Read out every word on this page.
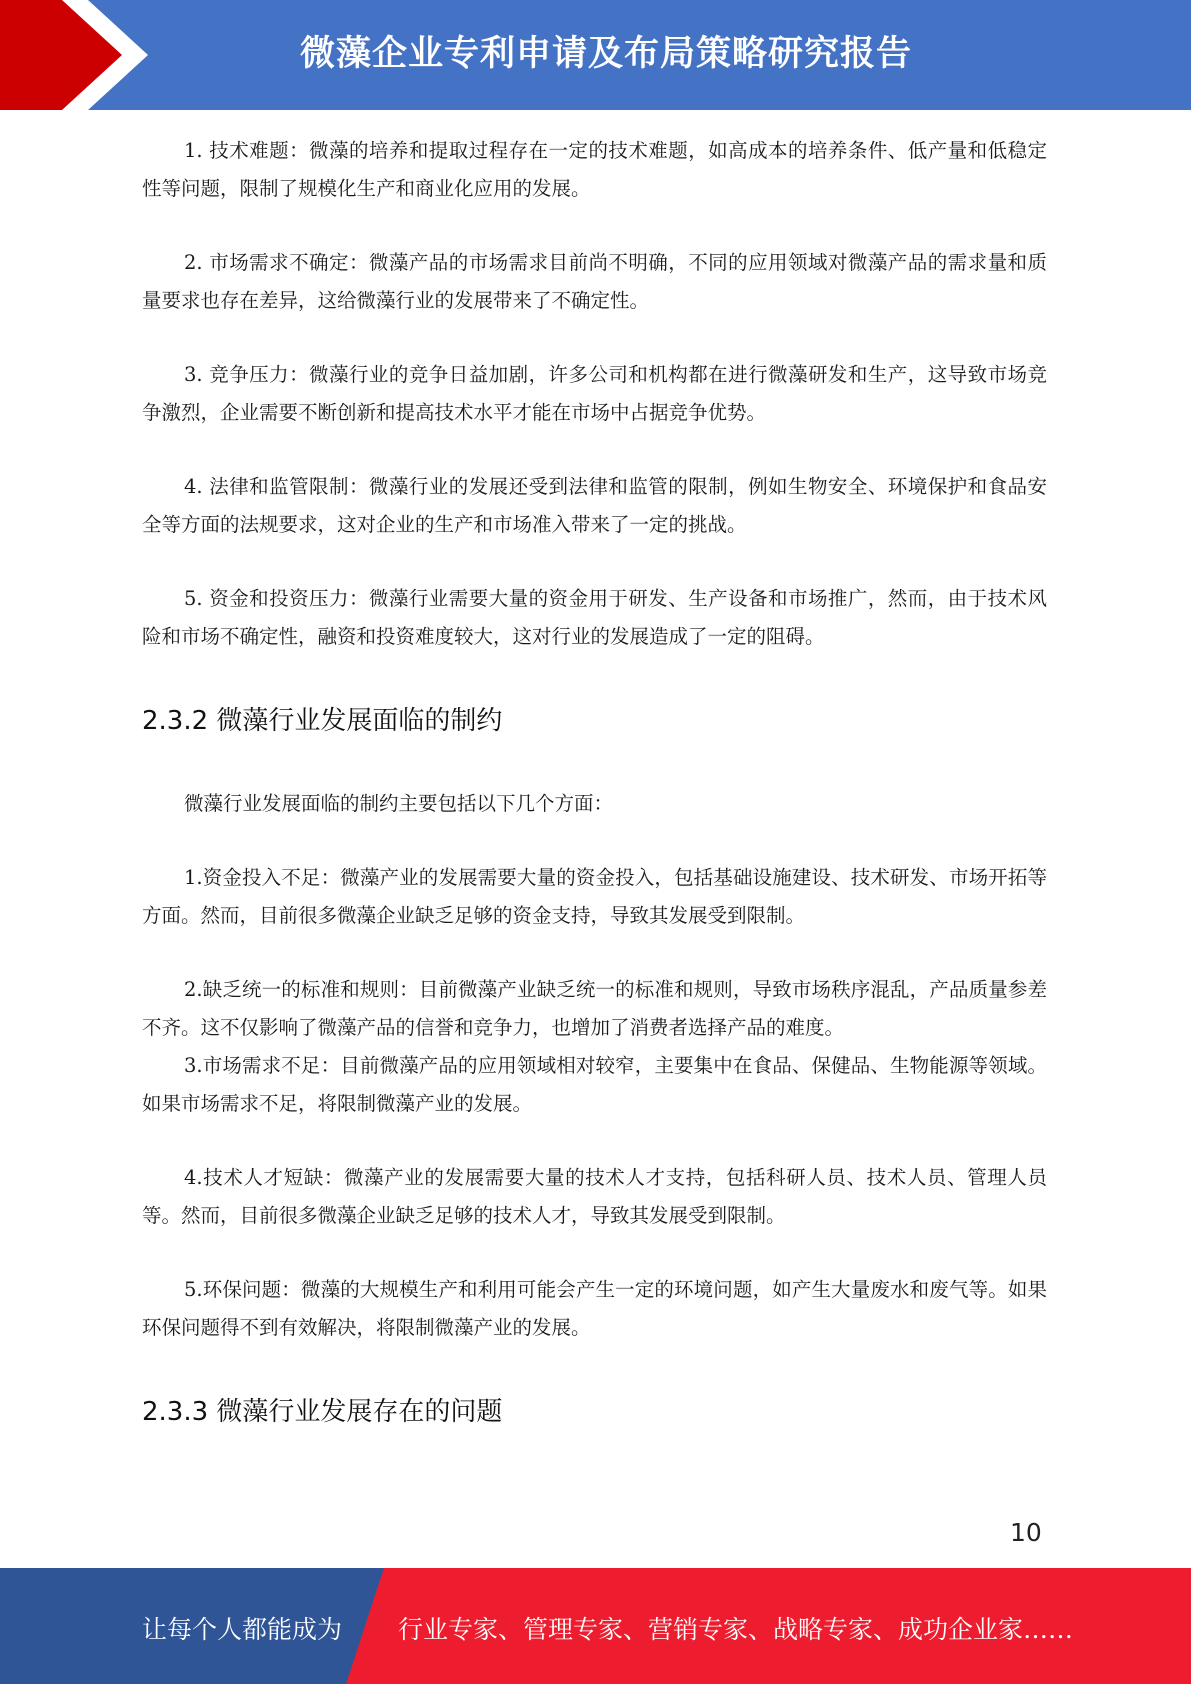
微藻企业专利申请及布局策略研究报告

1. 技术难题：微藻的培养和提取过程存在一定的技术难题，如高成本的培养条件、低产量和低稳定性等问题，限制了规模化生产和商业化应用的发展。

2. 市场需求不确定：微藻产品的市场需求目前尚不明确，不同的应用领域对微藻产品的需求量和质量要求也存在差异，这给微藻行业的发展带来了不确定性。

3. 竞争压力：微藻行业的竞争日益加剧，许多公司和机构都在进行微藻研发和生产，这导致市场竞争激烈，企业需要不断创新和提高技术水平才能在市场中占据竞争优势。

4. 法律和监管限制：微藻行业的发展还受到法律和监管的限制，例如生物安全、环境保护和食品安全等方面的法规要求，这对企业的生产和市场准入带来了一定的挑战。

5. 资金和投资压力：微藻行业需要大量的资金用于研发、生产设备和市场推广，然而，由于技术风险和市场不确定性，融资和投资难度较大，这对行业的发展造成了一定的阻碍。

2.3.2 微藻行业发展面临的制约

微藻行业发展面临的制约主要包括以下几个方面：

1.资金投入不足：微藻产业的发展需要大量的资金投入，包括基础设施建设、技术研发、市场开拓等方面。然而，目前很多微藻企业缺乏足够的资金支持，导致其发展受到限制。

2.缺乏统一的标准和规则：目前微藻产业缺乏统一的标准和规则，导致市场秩序混乱，产品质量参差不齐。这不仅影响了微藻产品的信誉和竞争力，也增加了消费者选择产品的难度。

3.市场需求不足：目前微藻产品的应用领域相对较窄，主要集中在食品、保健品、生物能源等领域。如果市场需求不足，将限制微藻产业的发展。

4.技术人才短缺：微藻产业的发展需要大量的技术人才支持，包括科研人员、技术人员、管理人员等。然而，目前很多微藻企业缺乏足够的技术人才，导致其发展受到限制。

5.环保问题：微藻的大规模生产和利用可能会产生一定的环境问题，如产生大量废水和废气等。如果环保问题得不到有效解决，将限制微藻产业的发展。

2.3.3 微藻行业发展存在的问题
10
让每个人都能成为 行业专家、管理专家、营销专家、战略专家、成功企业家……
